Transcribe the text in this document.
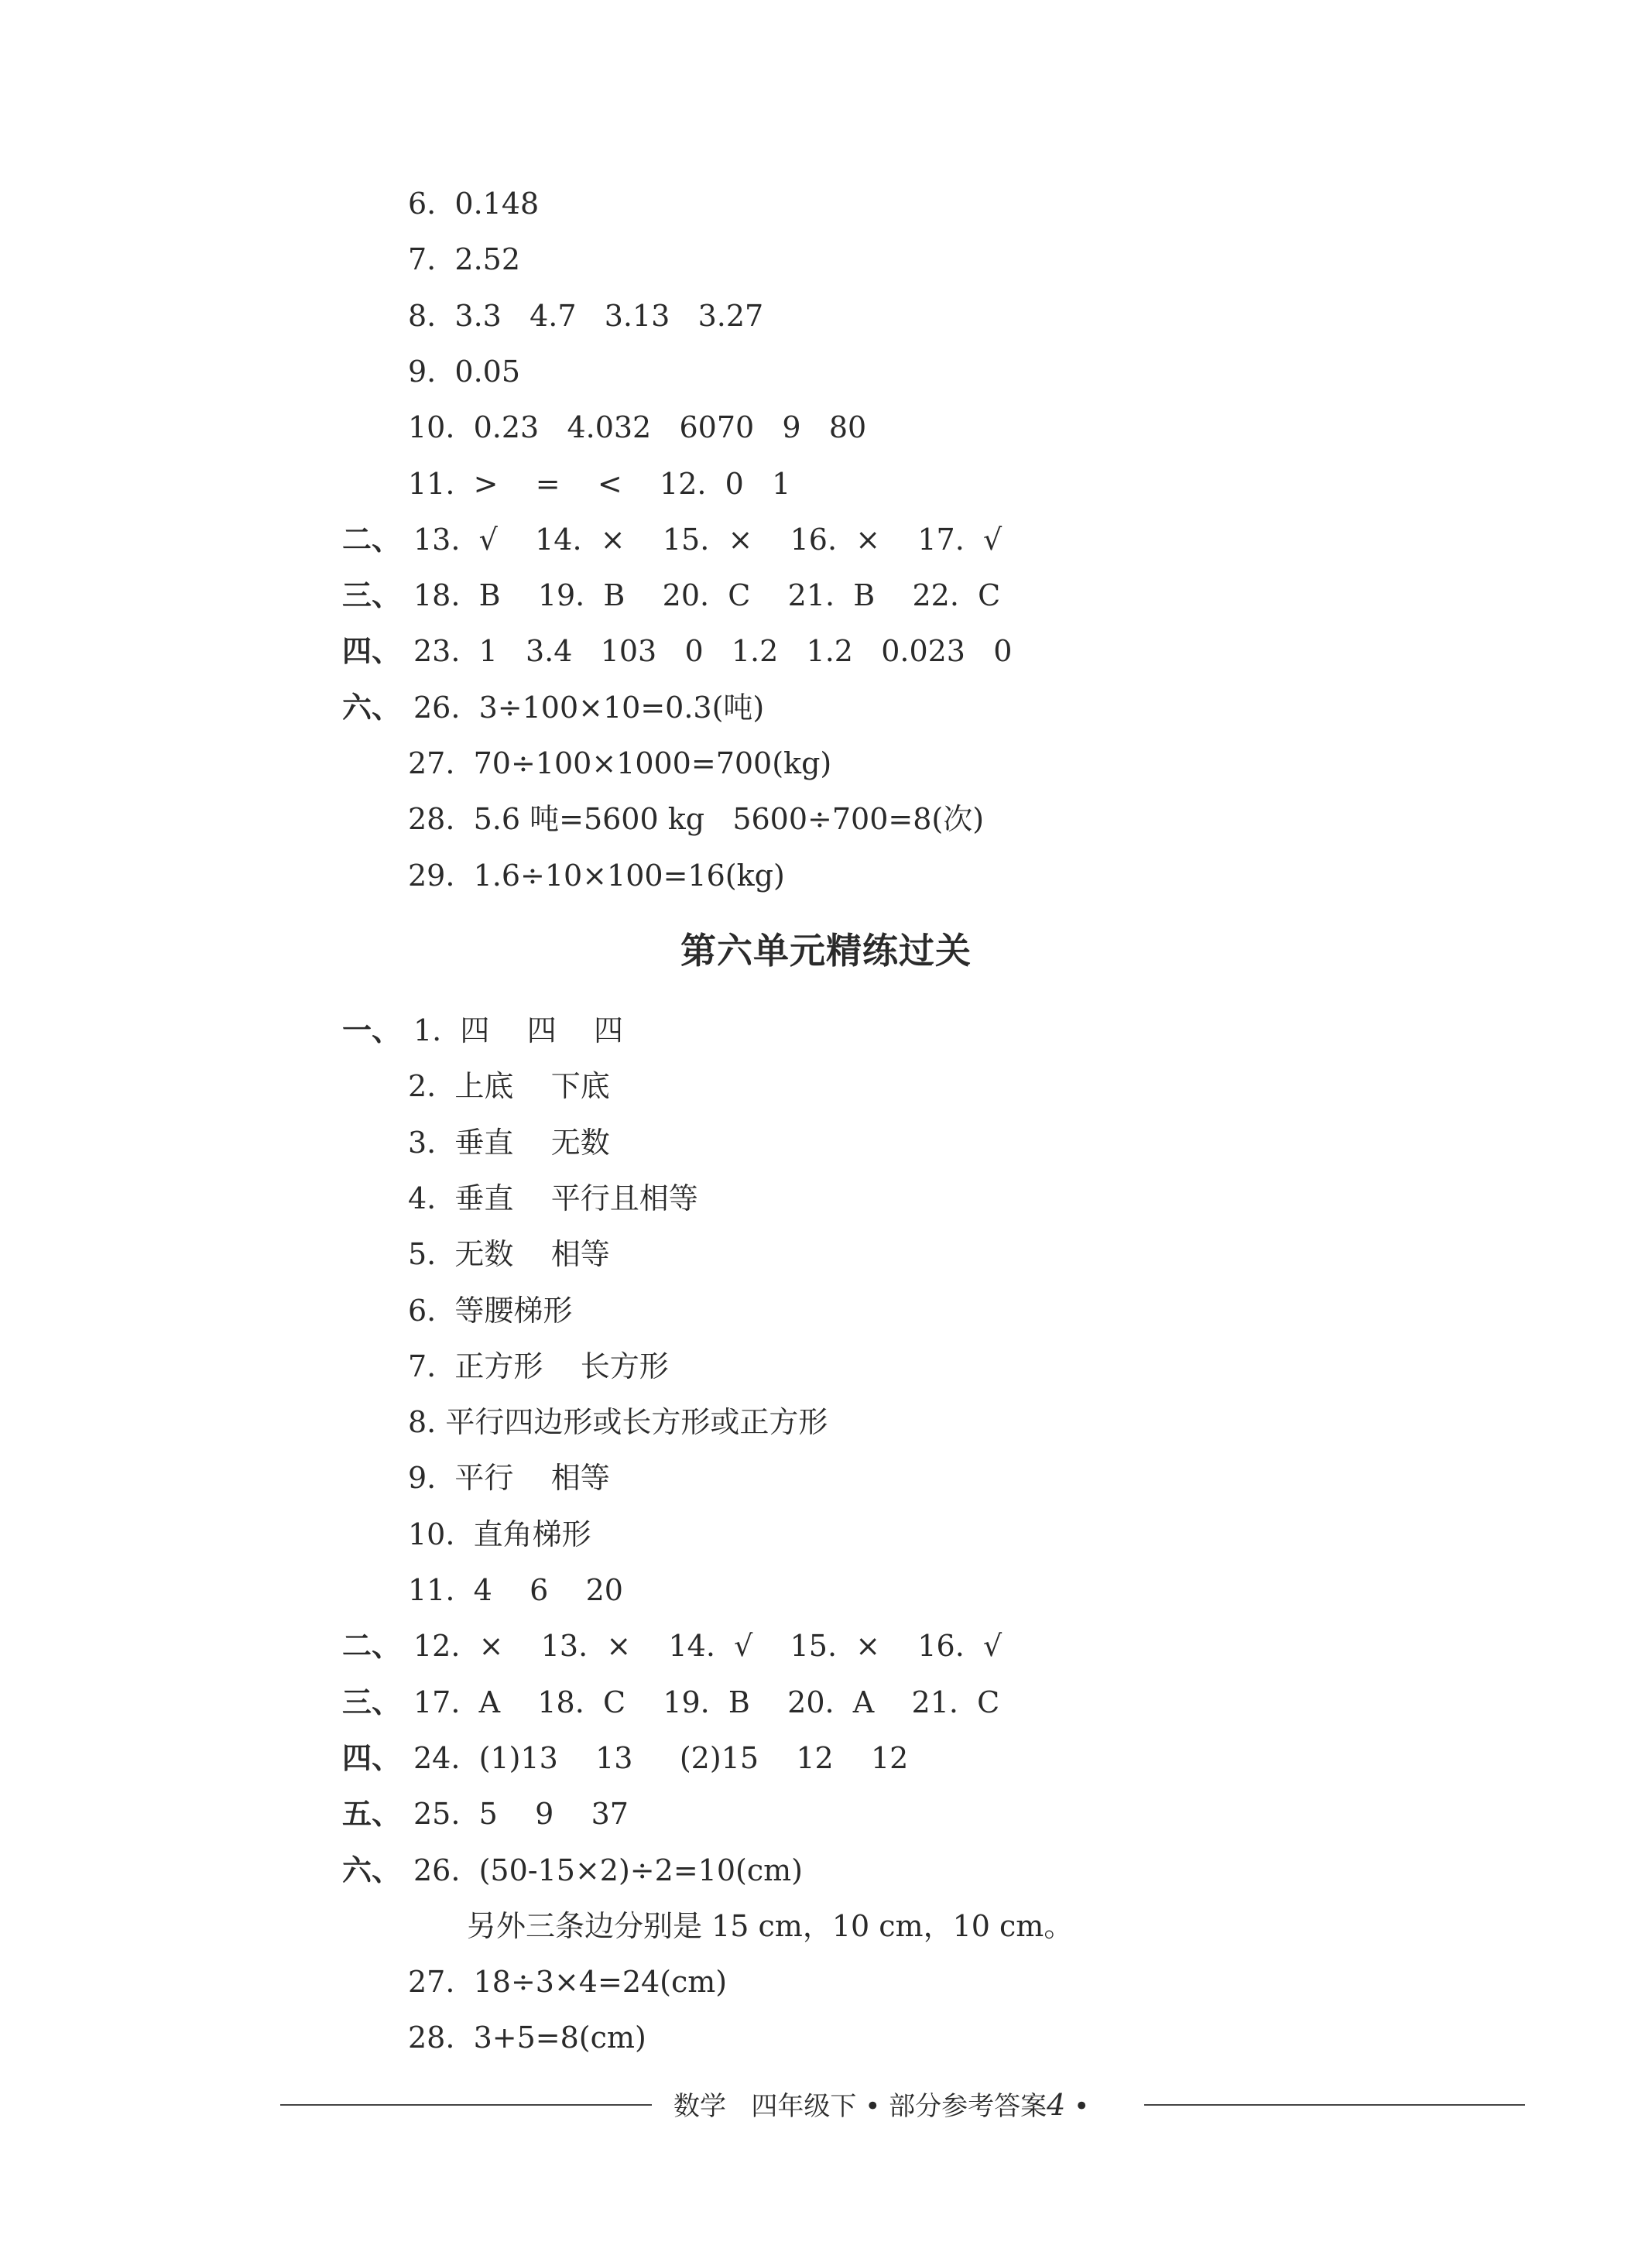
6.  0.148
7.  2.52
8.  3.3   4.7   3.13   3.27
9.  0.05
10.  0.23   4.032   6070   9   80
11.  >    =    <    12.  0   1
二、 13.  √    14.  ×    15.  ×    16.  ×    17.  √
三、 18.  B    19.  B    20.  C    21.  B    22.  C
四、 23.  1   3.4   103   0   1.2   1.2   0.023   0
六、 26.  3÷100×10=0.3(吨)
27.  70÷100×1000=700(kg)
28.  5.6 吨=5600 kg   5600÷700=8(次)
29.  1.6÷10×100=16(kg)
第六单元精练过关
一、 1.  四    四    四
2.  上底    下底
3.  垂直    无数
4.  垂直    平行且相等
5.  无数    相等
6.  等腰梯形
7.  正方形    长方形
8. 平行四边形或长方形或正方形
9.  平行    相等
10.  直角梯形
11.  4    6    20
二、 12.  ×    13.  ×    14.  √    15.  ×    16.  √
三、 17.  A    18.  C    19.  B    20.  A    21.  C
四、 24.  (1)13    13     (2)15    12    12
五、 25.  5    9    37
六、 26.  (50-15×2)÷2=10(cm)
另外三条边分别是 15 cm，10 cm，10 cm。
27.  18÷3×4=24(cm)
28.  3+5=8(cm)
数学   四年级下 • 部分参考答案4 •
